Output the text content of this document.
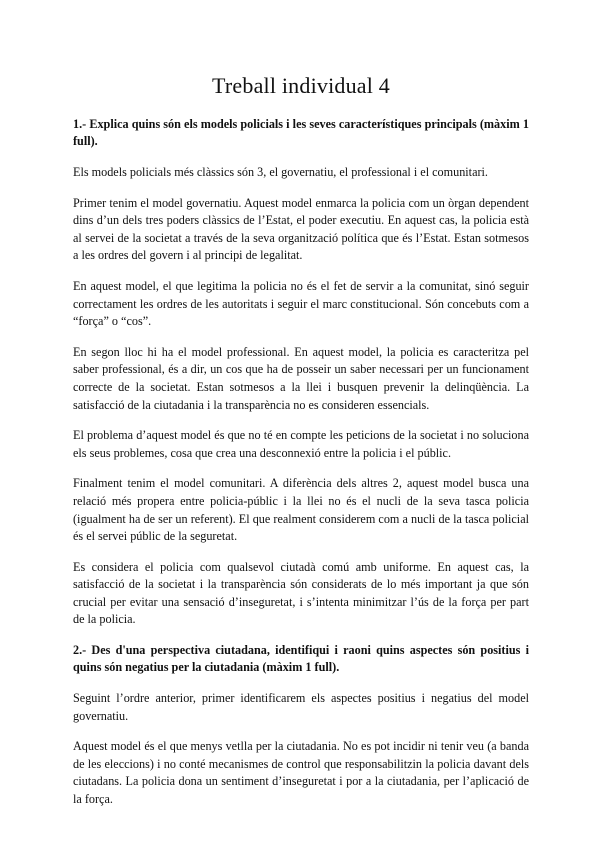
Treball individual 4

1.- Explica quins són els models policials i les seves característiques principals (màxim 1 full).

Els models policials més clàssics són 3, el governatiu, el professional i el comunitari.

Primer tenim el model governatiu. Aquest model enmarca la policia com un òrgan dependent dins d’un dels tres poders clàssics de l’Estat, el poder executiu. En aquest cas, la policia està al servei de la societat a través de la seva organització política que és l’Estat. Estan sotmesos a les ordres del govern i al principi de legalitat.

En aquest model, el que legitima la policia no és el fet de servir a la comunitat, sinó seguir correctament les ordres de les autoritats i seguir el marc constitucional. Són concebuts com a “força” o “cos”.

En segon lloc hi ha el model professional. En aquest model, la policia es caracteritza pel saber professional, és a dir, un cos que ha de posseir un saber necessari per un funcionament correcte de la societat. Estan sotmesos a la llei i busquen prevenir la delinqüència. La satisfacció de la ciutadania i la transparència no es consideren essencials.

El problema d’aquest model és que no té en compte les peticions de la societat i no soluciona els seus problemes, cosa que crea una desconnexió entre la policia i el públic.

Finalment tenim el model comunitari. A diferència dels altres 2, aquest model busca una relació més propera entre policia-públic i la llei no és el nucli de la seva tasca policia (igualment ha de ser un referent). El que realment considerem com a nucli de la tasca policial és el servei públic de la seguretat.

Es considera el policia com qualsevol ciutadà comú amb uniforme. En aquest cas, la satisfacció de la societat i la transparència són considerats de lo més important ja que són crucial per evitar una sensació d’inseguretat, i s’intenta minimitzar l’ús de la força per part de la policia.

2.- Des d'una perspectiva ciutadana, identifiqui i raoni quins aspectes són positius i quins són negatius per la ciutadania (màxim 1 full).

Seguint l’ordre anterior, primer identificarem els aspectes positius i negatius del model governatiu.

Aquest model és el que menys vetlla per la ciutadania. No es pot incidir ni tenir veu (a banda de les eleccions) i no conté mecanismes de control que responsabilitzin la policia davant dels ciutadans. La policia dona un sentiment d’inseguretat i por a la ciutadania, per l’aplicació de la força.
